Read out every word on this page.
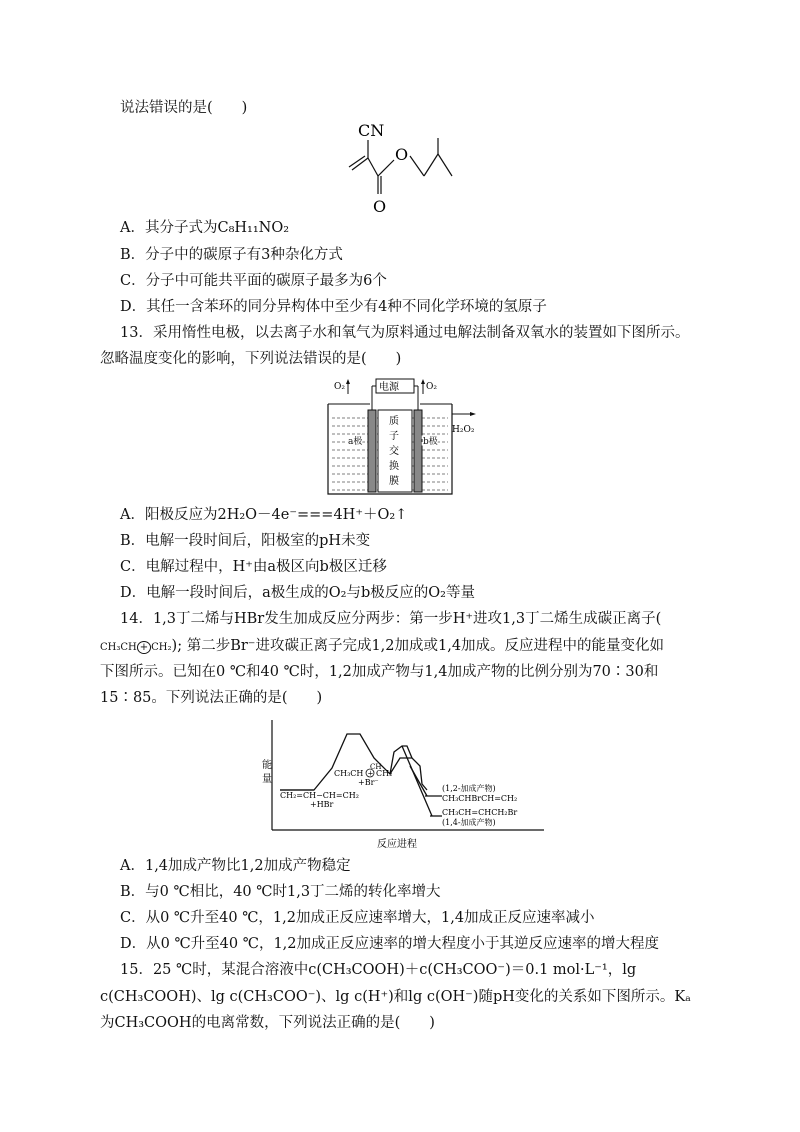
说法错误的是(　　)
CN
O
O
A．其分子式为C₈H₁₁NO₂
B．分子中的碳原子有3种杂化方式
C．分子中可能共平面的碳原子最多为6个
D．其任一含苯环的同分异构体中至少有4种不同化学环境的氢原子
13．采用惰性电极，以去离子水和氧气为原料通过电解法制备双氧水的装置如下图所示。
忽略温度变化的影响，下列说法错误的是(　　)
电源
O₂	O₂
质
子
交
换
膜
a极	b极
H₂O₂
A．阳极反应为2H₂O－4e⁻===4H⁺＋O₂↑
B．电解一段时间后，阳极室的pH未变
C．电解过程中，H⁺由a极区向b极区迁移
D．电解一段时间后，a极生成的O₂与b极反应的O₂等量
14．1,3丁二烯与HBr发生加成反应分两步：第一步H⁺进攻1,3丁二烯生成碳正离子(
CH₃CH + CH₂); 第二步Br⁻进攻碳正离子完成1,2加成或1,4加成。反应进程中的能量变化如
下图所示。已知在0 ℃和40 ℃时，1,2加成产物与1,4加成产物的比例分别为70∶30和
15∶85。下列说法正确的是(　　)
能
量
反应进程
CH₂=CH−CH=CH₂
+HBr
CH
CH₃CH + CH₂
+Br⁻
(1,2-加成产物)
CH₃CHBrCH=CH₂
CH₃CH=CHCH₂Br
(1,4-加成产物)
A．1,4加成产物比1,2加成产物稳定
B．与0 ℃相比，40 ℃时1,3丁二烯的转化率增大
C．从0 ℃升至40 ℃，1,2加成正反应速率增大，1,4加成正反应速率减小
D．从0 ℃升至40 ℃，1,2加成正反应速率的增大程度小于其逆反应速率的增大程度
15．25 ℃时，某混合溶液中c(CH₃COOH)＋c(CH₃COO⁻)＝0.1 mol·L⁻¹，lg
c(CH₃COOH)、lg c(CH₃COO⁻)、lg c(H⁺)和lg c(OH⁻)随pH变化的关系如下图所示。Kₐ
为CH₃COOH的电离常数，下列说法正确的是(　　)
